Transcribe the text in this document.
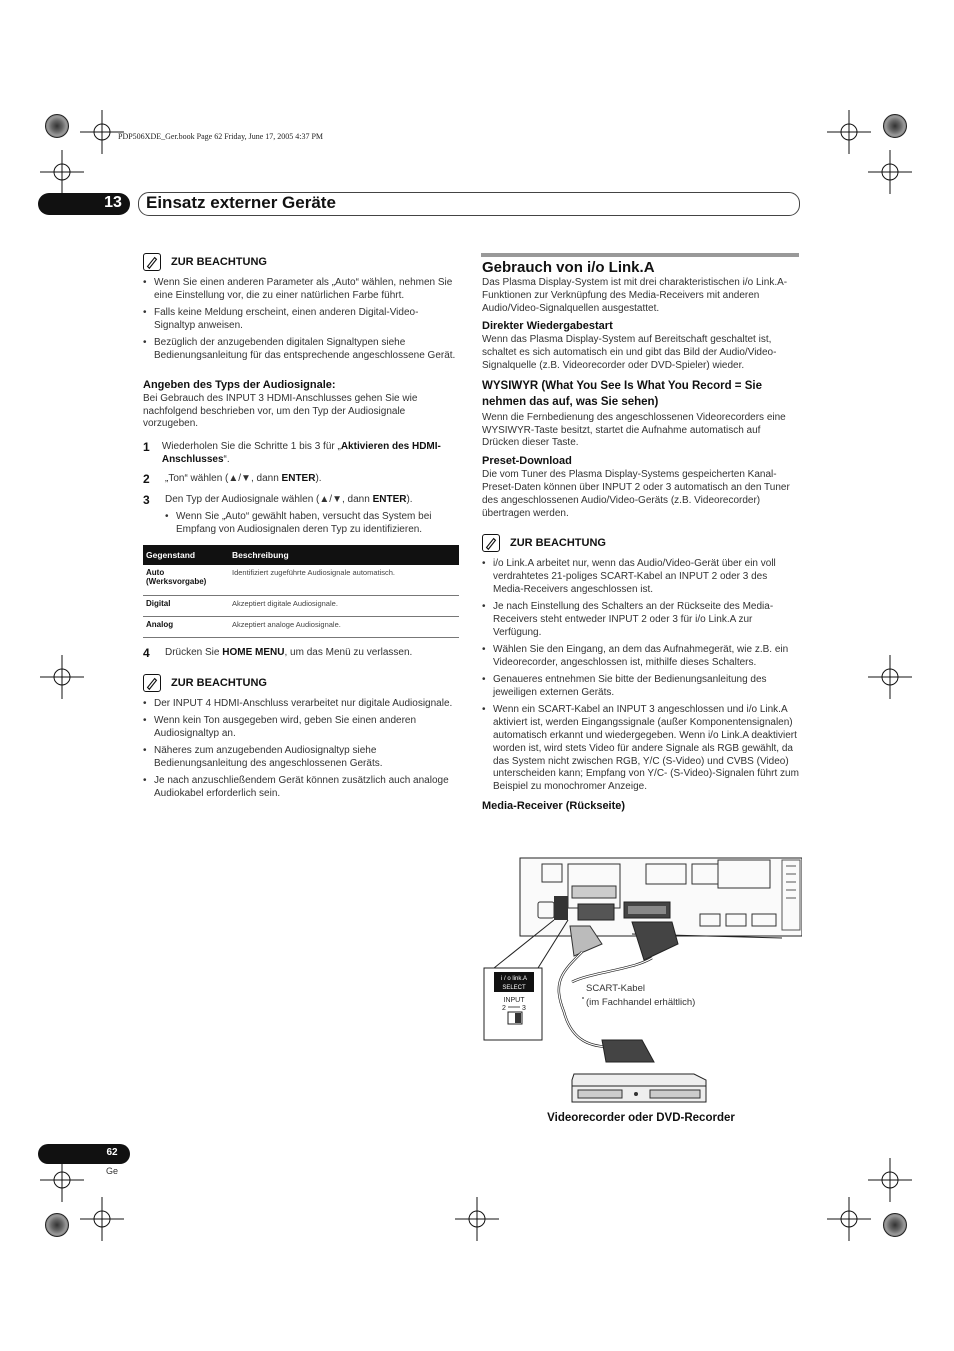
PDP506XDE_Ger.book Page 62 Friday, June 17, 2005 4:37 PM
13	Einsatz externer Geräte
ZUR BEACHTUNG
• Wenn Sie einen anderen Parameter als „Auto“ wählen, nehmen Sie eine Einstellung vor, die zu einer natürlichen Farbe führt.
• Falls keine Meldung erscheint, einen anderen Digital-Video-Signaltyp anweisen.
• Bezüglich der anzugebenden digitalen Signaltypen siehe Bedienungsanleitung für das entsprechende angeschlossene Gerät.
Angeben des Typs der Audiosignale:
Bei Gebrauch des INPUT 3 HDMI-Anschlusses gehen Sie wie nachfolgend beschrieben vor, um den Typ der Audiosignale vorzugeben.
1	Wiederholen Sie die Schritte 1 bis 3 für „Aktivieren des HDMI-Anschlusses“.
2	„Ton“ wählen (▲/▼, dann ENTER).
3	Den Typ der Audiosignale wählen (▲/▼, dann ENTER).
• Wenn Sie „Auto“ gewählt haben, versucht das System bei Empfang von Audiosignalen deren Typ zu identifizieren.
Gegenstand	Beschreibung
Auto (Werksvorgabe)	Identifiziert zugeführte Audiosignale automatisch.
Digital	Akzeptiert digitale Audiosignale.
Analog	Akzeptiert analoge Audiosignale.
4	Drücken Sie HOME MENU, um das Menü zu verlassen.
ZUR BEACHTUNG
• Der INPUT 4 HDMI-Anschluss verarbeitet nur digitale Audiosignale.
• Wenn kein Ton ausgegeben wird, geben Sie einen anderen Audiosignaltyp an.
• Näheres zum anzugebenden Audiosignaltyp siehe Bedienungsanleitung des angeschlossenen Geräts.
• Je nach anzuschließendem Gerät können zusätzlich auch analoge Audiokabel erforderlich sein.
Gebrauch von i/o Link.A
Das Plasma Display-System ist mit drei charakteristischen i/o Link.A-Funktionen zur Verknüpfung des Media-Receivers mit anderen Audio/Video-Signalquellen ausgestattet.
Direkter Wiedergabestart
Wenn das Plasma Display-System auf Bereitschaft geschaltet ist, schaltet es sich automatisch ein und gibt das Bild der Audio/Video-Signalquelle (z.B. Videorecorder oder DVD-Spieler) wieder.
WYSIWYR (What You See Is What You Record = Sie nehmen das auf, was Sie sehen)
Wenn die Fernbedienung des angeschlossenen Videorecorders eine WYSIWYR-Taste besitzt, startet die Aufnahme automatisch auf Drücken dieser Taste.
Preset-Download
Die vom Tuner des Plasma Display-Systems gespeicherten Kanal-Preset-Daten können über INPUT 2 oder 3 automatisch an den Tuner des angeschlossenen Audio/Video-Geräts (z.B. Videorecorder) übertragen werden.
ZUR BEACHTUNG
• i/o Link.A arbeitet nur, wenn das Audio/Video-Gerät über ein voll verdrahtetes 21-poliges SCART-Kabel an INPUT 2 oder 3 des Media-Receivers angeschlossen ist.
• Je nach Einstellung des Schalters an der Rückseite des Media-Receivers steht entweder INPUT 2 oder 3 für i/o Link.A zur Verfügung.
• Wählen Sie den Eingang, an dem das Aufnahmegerät, wie z.B. ein Videorecorder, angeschlossen ist, mithilfe dieses Schalters.
• Genaueres entnehmen Sie bitte der Bedienungsanleitung des jeweiligen externen Geräts.
• Wenn ein SCART-Kabel an INPUT 3 angeschlossen und i/o Link.A aktiviert ist, werden Eingangssignale (außer Komponentensignalen) automatisch erkannt und wiedergegeben. Wenn i/o Link.A deaktiviert worden ist, wird stets Video für andere Signale als RGB gewählt, da das System nicht zwischen RGB, Y/C (S-Video) und CVBS (Video) unterscheiden kann; Empfang von Y/C- (S-Video)-Signalen führt zum Beispiel zu monochromer Anzeige.
Media-Receiver (Rückseite)
i / o link.A
SELECT
INPUT
2 3
SCART-Kabel
(im Fachhandel erhältlich)
Videorecorder oder DVD-Recorder
62
Ge
